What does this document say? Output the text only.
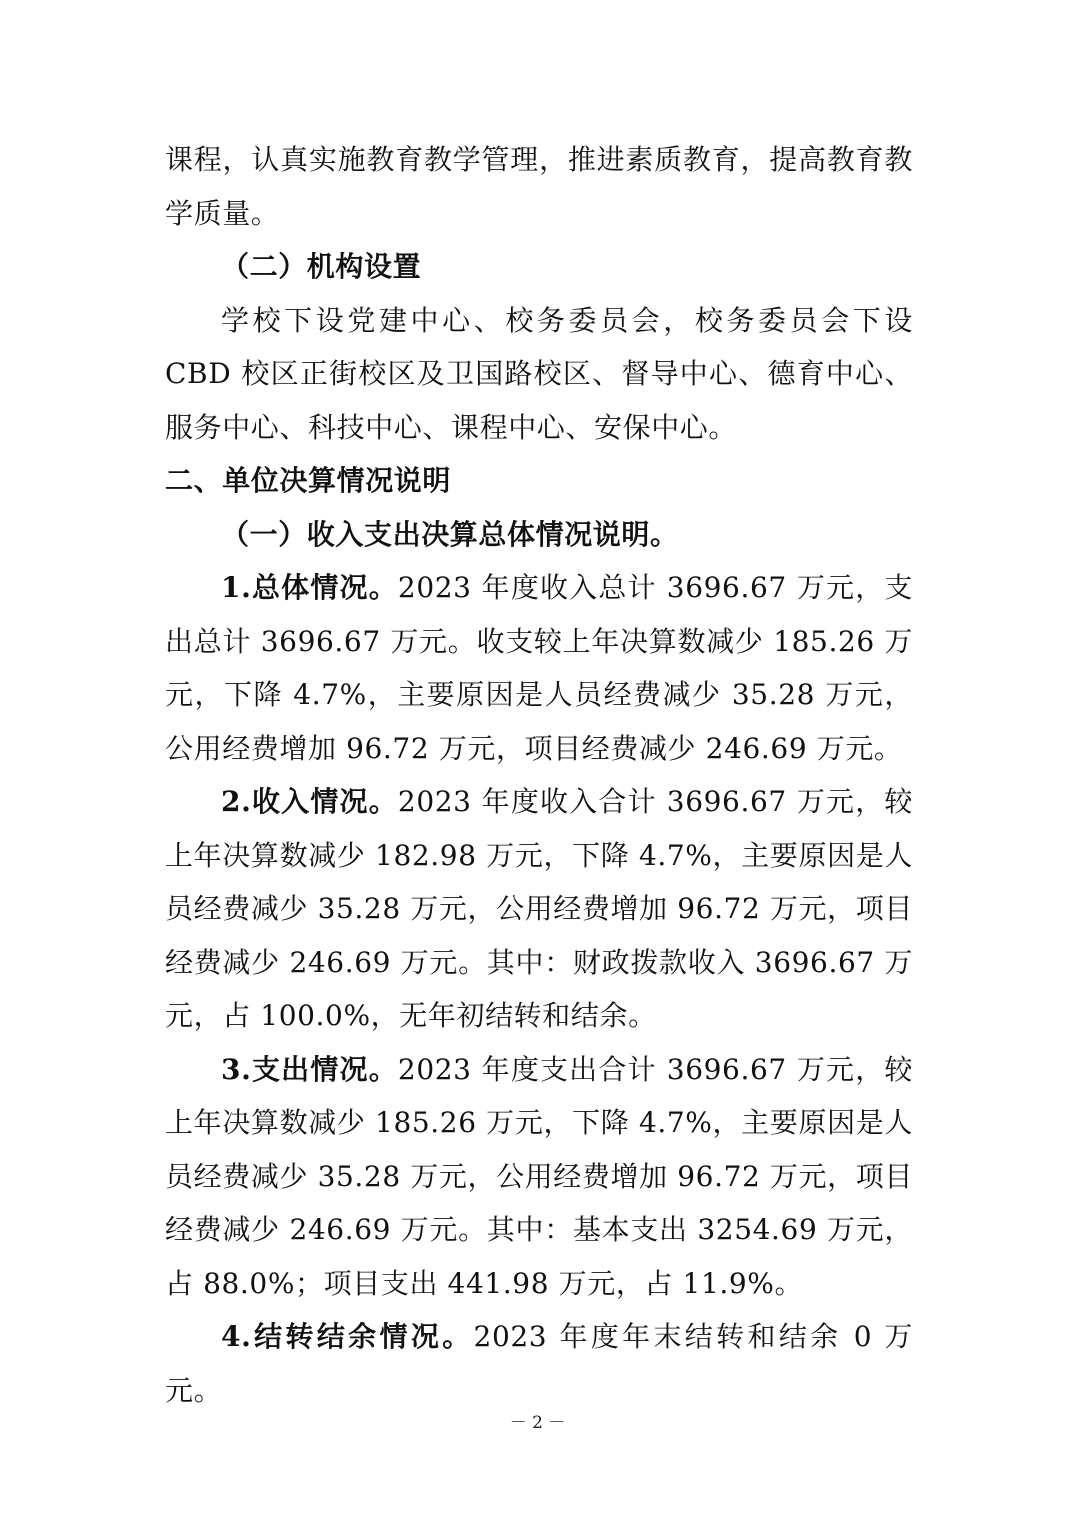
课程，认真实施教育教学管理，推进素质教育，提高教育教学质量。

（二）机构设置

学校下设党建中心、校务委员会，校务委员会下设 CBD 校区正街校区及卫国路校区、督导中心、德育中心、服务中心、科技中心、课程中心、安保中心。

二、单位决算情况说明

（一）收入支出决算总体情况说明。

1.总体情况。2023 年度收入总计 3696.67 万元，支出总计 3696.67 万元。收支较上年决算数减少 185.26 万元，下降 4.7%，主要原因是人员经费减少 35.28 万元，公用经费增加 96.72 万元，项目经费减少 246.69 万元。

2.收入情况。2023 年度收入合计 3696.67 万元，较上年决算数减少 182.98 万元，下降 4.7%，主要原因是人员经费减少 35.28 万元，公用经费增加 96.72 万元，项目经费减少 246.69 万元。其中：财政拨款收入 3696.67 万元，占 100.0%，无年初结转和结余。

3.支出情况。2023 年度支出合计 3696.67 万元，较上年决算数减少 185.26 万元，下降 4.7%，主要原因是人员经费减少 35.28 万元，公用经费增加 96.72 万元，项目经费减少 246.69 万元。其中：基本支出 3254.69 万元，占 88.0%；项目支出 441.98 万元，占 11.9%。

4.结转结余情况。2023 年度年末结转和结余 0 万元。

－ 2 －
